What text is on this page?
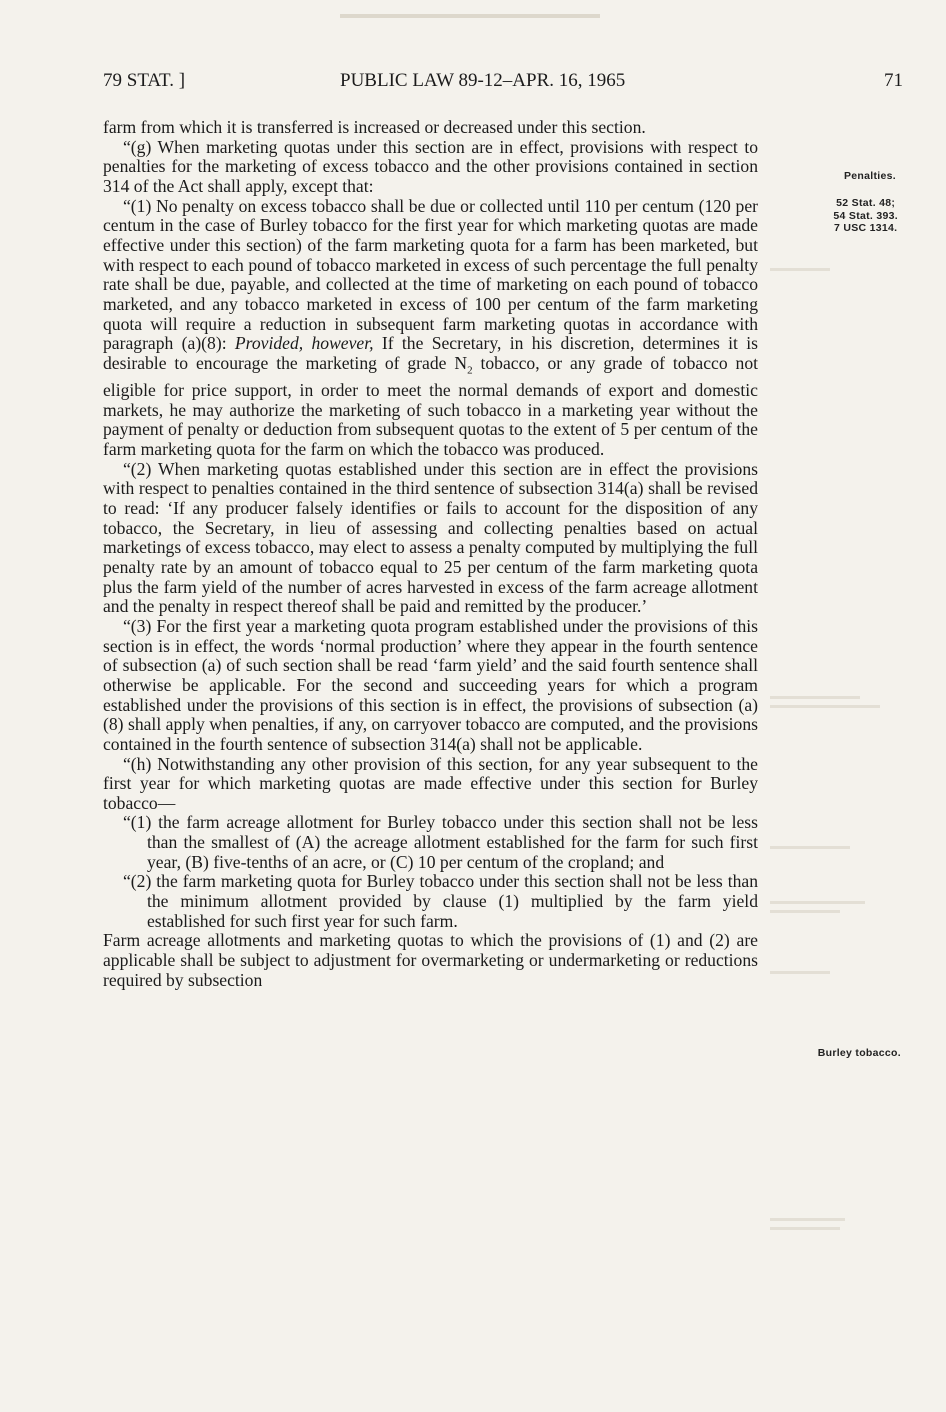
79 STAT. ]	PUBLIC LAW 89-12–APR. 16, 1965	71
Penalties.
52 Stat. 48;
54 Stat. 393.
7 USC 1314.
Burley tobacco.

farm from which it is transferred is increased or decreased under this section.

“(g) When marketing quotas under this section are in effect, provisions with respect to penalties for the marketing of excess tobacco and the other provisions contained in section 314 of the Act shall apply, except that:

“(1) No penalty on excess tobacco shall be due or collected until 110 per centum (120 per centum in the case of Burley tobacco for the first year for which marketing quotas are made effective under this section) of the farm marketing quota for a farm has been marketed, but with respect to each pound of tobacco marketed in excess of such percentage the full penalty rate shall be due, payable, and collected at the time of marketing on each pound of tobacco marketed, and any tobacco marketed in excess of 100 per centum of the farm marketing quota will require a reduction in subsequent farm marketing quotas in accordance with paragraph (a)(8): Provided, however, If the Secretary, in his discretion, determines it is desirable to encourage the marketing of grade $N_2$ tobacco, or any grade of tobacco not eligible for price support, in order to meet the normal demands of export and domestic markets, he may authorize the marketing of such tobacco in a marketing year without the payment of penalty or deduction from subsequent quotas to the extent of 5 per centum of the farm marketing quota for the farm on which the tobacco was produced.

“(2) When marketing quotas established under this section are in effect the provisions with respect to penalties contained in the third sentence of subsection 314(a) shall be revised to read: ‘If any producer falsely identifies or fails to account for the disposition of any tobacco, the Secretary, in lieu of assessing and collecting penalties based on actual marketings of excess tobacco, may elect to assess a penalty computed by multiplying the full penalty rate by an amount of tobacco equal to 25 per centum of the farm marketing quota plus the farm yield of the number of acres harvested in excess of the farm acreage allotment and the penalty in respect thereof shall be paid and remitted by the producer.’

“(3) For the first year a marketing quota program established under the provisions of this section is in effect, the words ‘normal production’ where they appear in the fourth sentence of subsection (a) of such section shall be read ‘farm yield’ and the said fourth sentence shall otherwise be applicable. For the second and succeeding years for which a program established under the provisions of this section is in effect, the provisions of subsection (a)(8) shall apply when penalties, if any, on carryover tobacco are computed, and the provisions contained in the fourth sentence of subsection 314(a) shall not be applicable.

“(h) Notwithstanding any other provision of this section, for any year subsequent to the first year for which marketing quotas are made effective under this section for Burley tobacco—

“(1) the farm acreage allotment for Burley tobacco under this section shall not be less than the smallest of (A) the acreage allotment established for the farm for such first year, (B) five-tenths of an acre, or (C) 10 per centum of the cropland; and

“(2) the farm marketing quota for Burley tobacco under this section shall not be less than the minimum allotment provided by clause (1) multiplied by the farm yield established for such first year for such farm.

Farm acreage allotments and marketing quotas to which the provisions of (1) and (2) are applicable shall be subject to adjustment for overmarketing or undermarketing or reductions required by subsection
